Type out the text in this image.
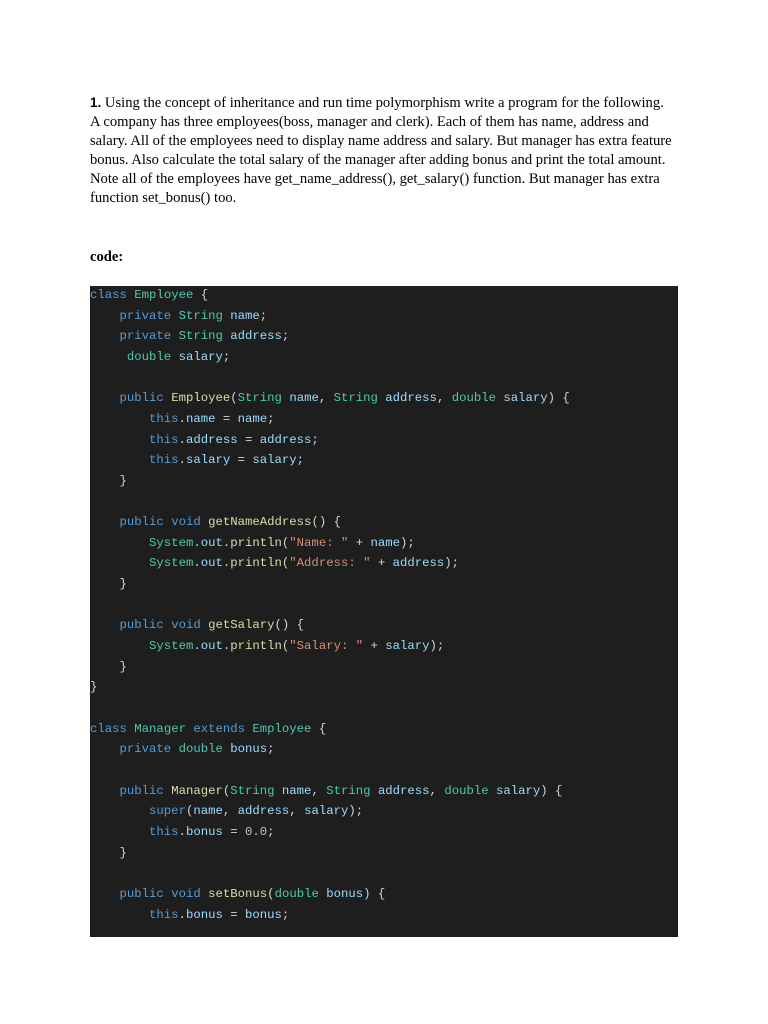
1. Using the concept of inheritance and run time polymorphism write a program for the following.

A company has three employees(boss, manager and clerk). Each of them has name, address and salary. All of the employees need to display name address and salary. But manager has extra feature bonus. Also calculate the total salary of the manager after adding bonus and print the total amount. Note all of the employees have get_name_address(), get_salary() function. But manager has extra function set_bonus() too.

code:
class Employee {
private String name;
private String address;
double salary;
public Employee(String name, String address, double salary) {
this.name = name;
this.address = address;
this.salary = salary;
}
public void getNameAddress() {
System.out.println("Name: " + name);
System.out.println("Address: " + address);
}
public void getSalary() {
System.out.println("Salary: " + salary);
}
}
class Manager extends Employee {
private double bonus;
public Manager(String name, String address, double salary) {
super(name, address, salary);
this.bonus = 0.0;
}
public void setBonus(double bonus) {
this.bonus = bonus;
